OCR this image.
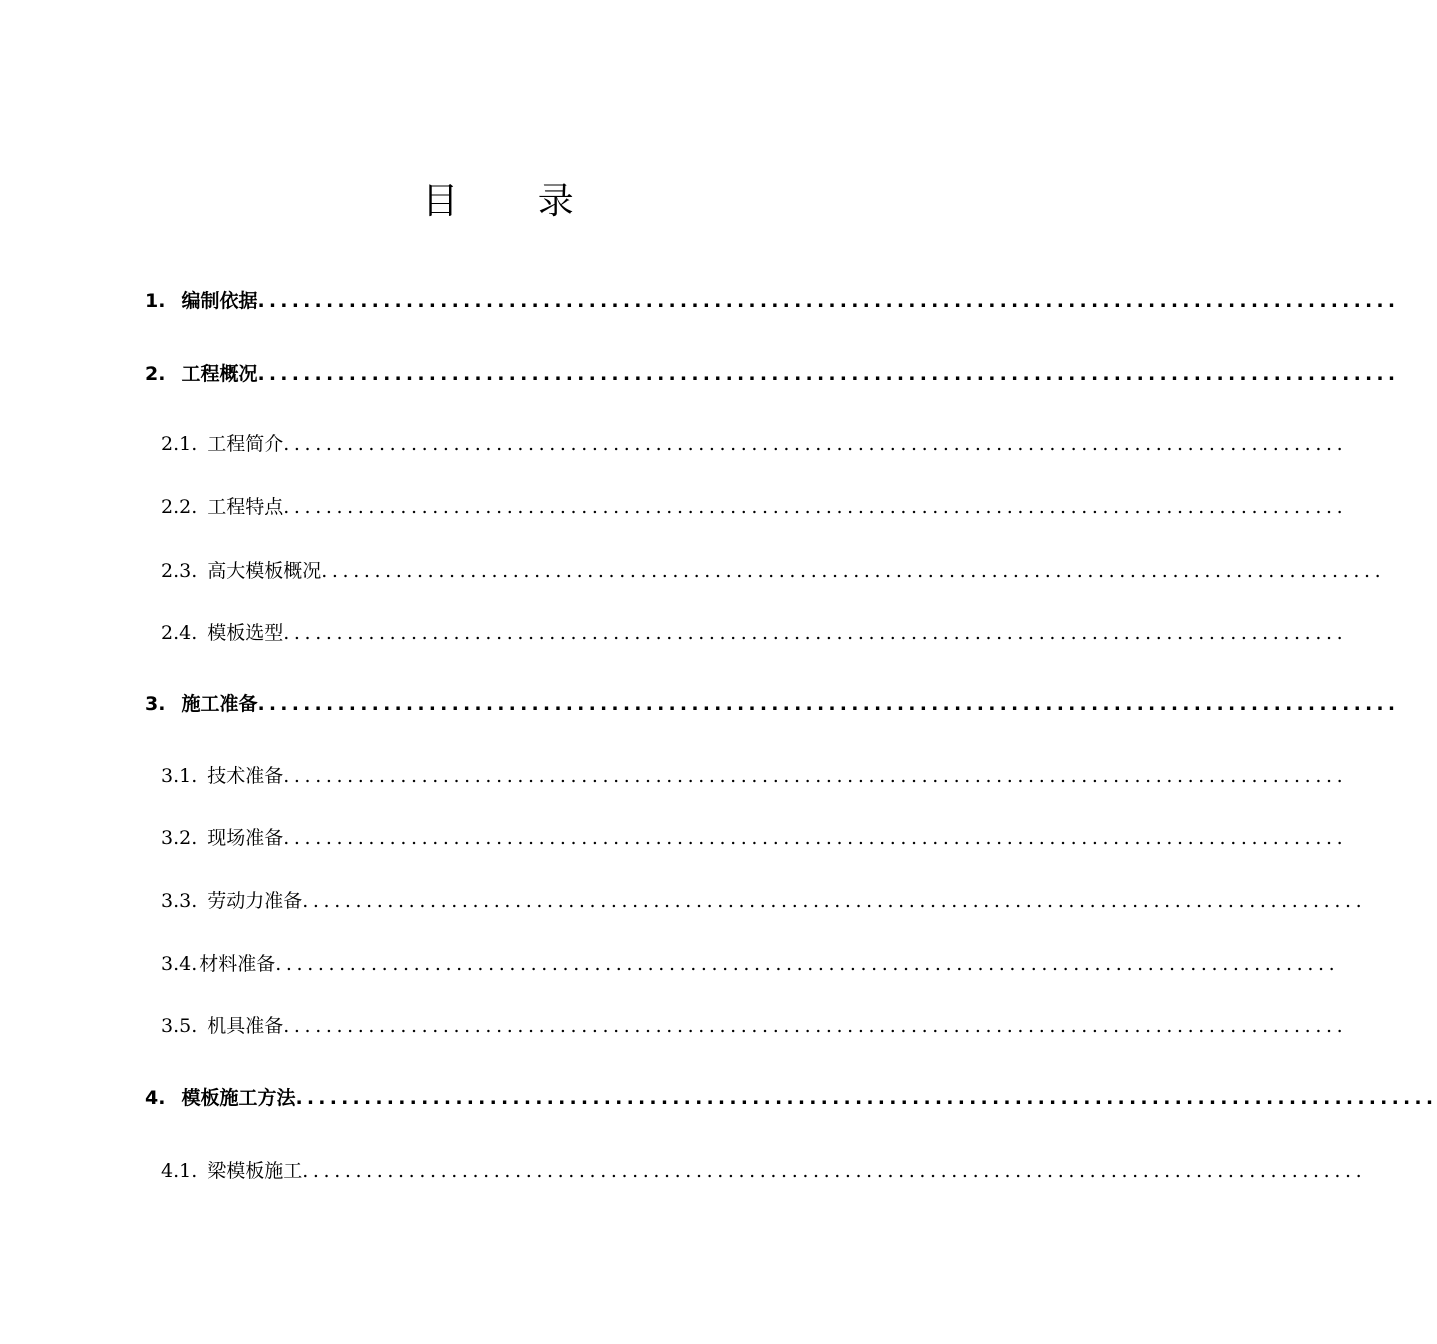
目 录
1. 编制依据 ....................................................................................................
2. 工程概况 ....................................................................................................
2.1. 工程简介 ....................................................................................................
2.2. 工程特点 ....................................................................................................
2.3. 高大模板概况 ....................................................................................................
2.4. 模板选型 ....................................................................................................
3. 施工准备 ....................................................................................................
3.1. 技术准备 ....................................................................................................
3.2. 现场准备 ....................................................................................................
3.3. 劳动力准备 ....................................................................................................
3.4. 材料准备 ....................................................................................................
3.5. 机具准备 ....................................................................................................
4. 模板施工方法 ....................................................................................................
4.1. 梁模板施工 ....................................................................................................
